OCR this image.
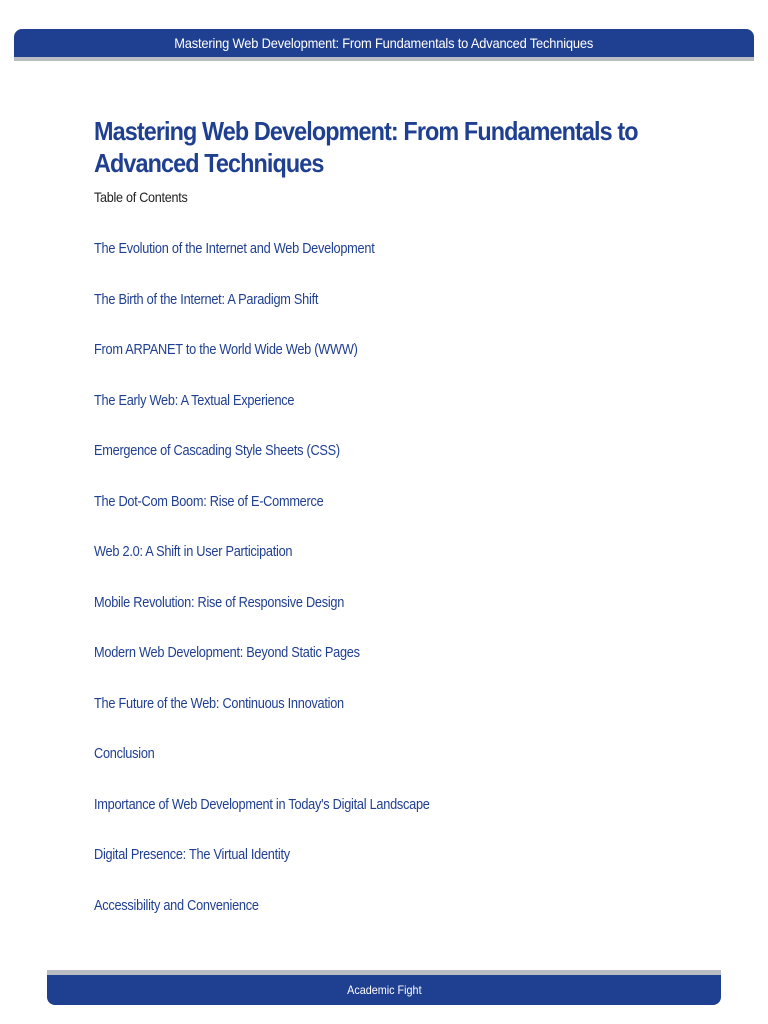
Mastering Web Development: From Fundamentals to Advanced Techniques
Mastering Web Development: From Fundamentals to Advanced Techniques
Table of Contents
The Evolution of the Internet and Web Development
The Birth of the Internet: A Paradigm Shift
From ARPANET to the World Wide Web (WWW)
The Early Web: A Textual Experience
Emergence of Cascading Style Sheets (CSS)
The Dot-Com Boom: Rise of E-Commerce
Web 2.0: A Shift in User Participation
Mobile Revolution: Rise of Responsive Design
Modern Web Development: Beyond Static Pages
The Future of the Web: Continuous Innovation
Conclusion
Importance of Web Development in Today's Digital Landscape
Digital Presence: The Virtual Identity
Accessibility and Convenience
Academic Fight
